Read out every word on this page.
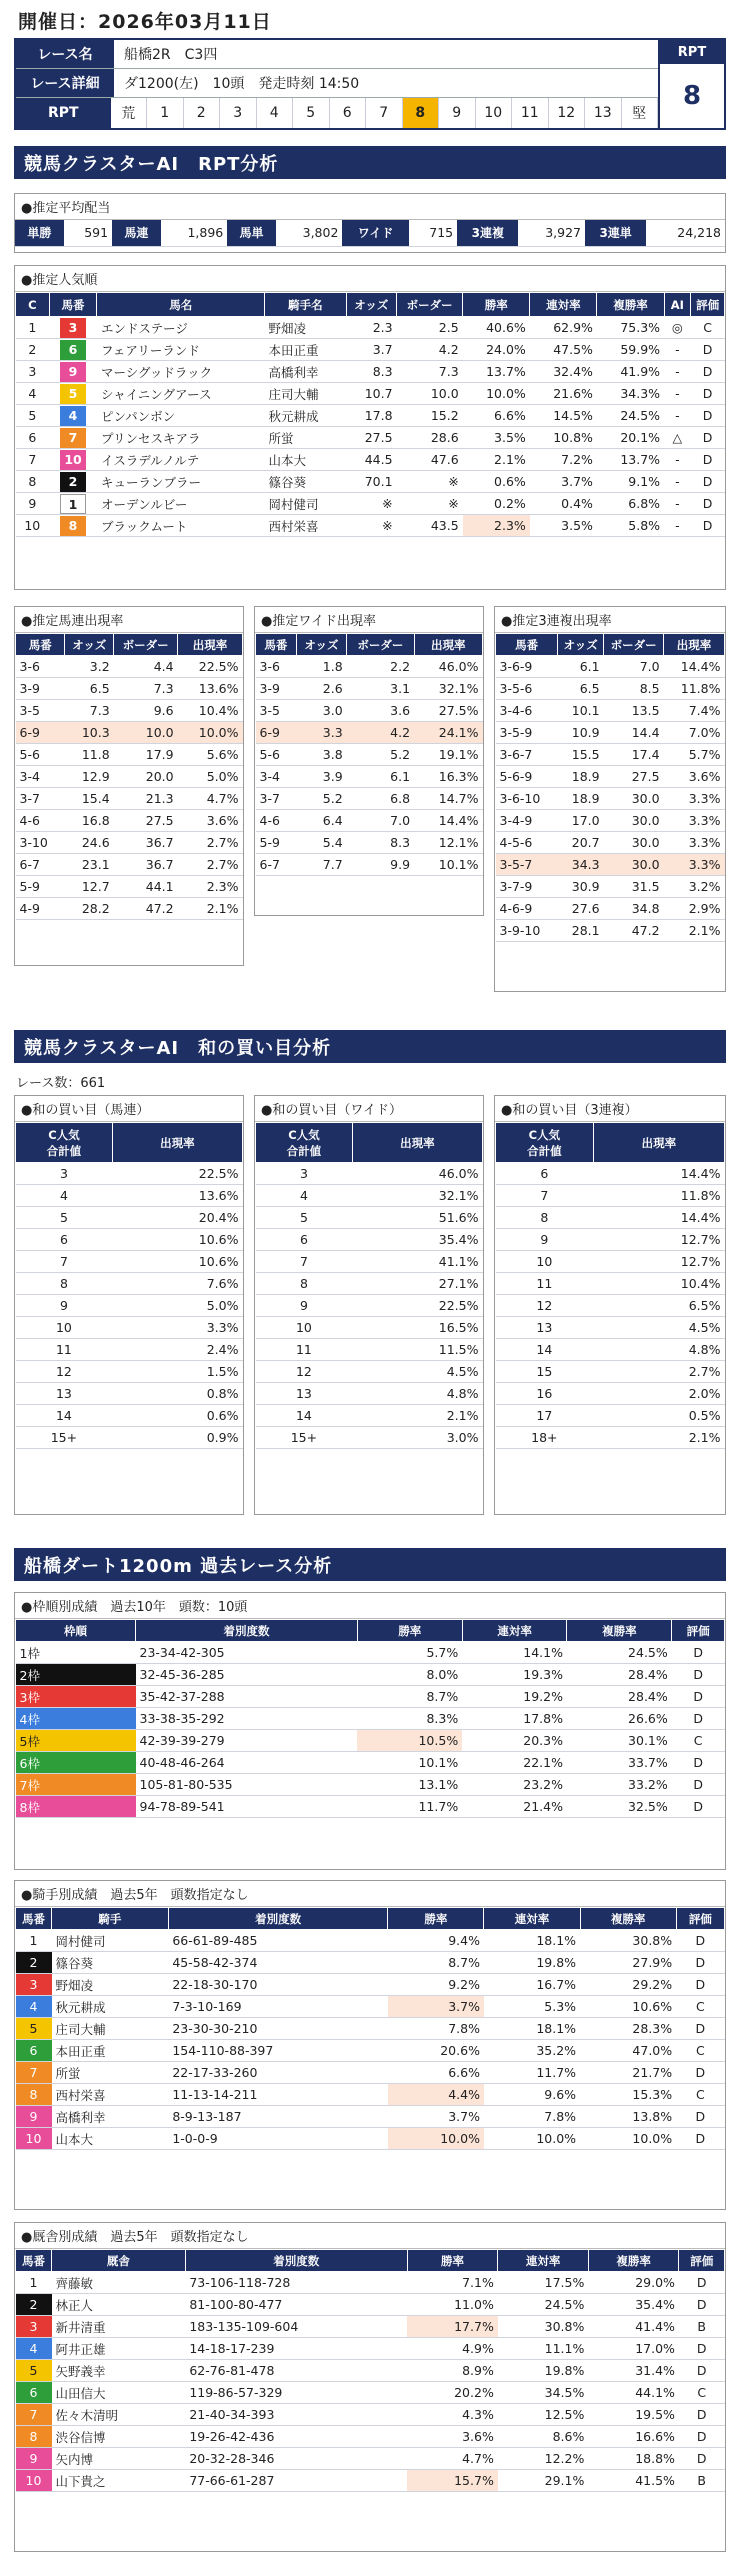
開催日：2026年03月11日
レース名	船橋2R　C3四
レース詳細	ダ1200(左)　10頭　発走時刻 14:50
RPT	荒	1	2	3	4	5	6	7	8	9	10	11	12	13	堅
RPT
8
競馬クラスターAI　RPT分析
●推定平均配当
単勝	591	馬連	1,896	馬単	3,802	ワイド	715	3連複	3,927	3連単	24,218
●推定人気順
C	馬番	馬名	騎手名	オッズ	ボーダー	勝率	連対率	複勝率	AI	評価
1	3	エンドステージ	野畑凌	2.3	2.5	40.6%	62.9%	75.3%	◎	C
2	6	フェアリーランド	本田正重	3.7	4.2	24.0%	47.5%	59.9%	-	D
3	9	マーシグッドラック	高橋利幸	8.3	7.3	13.7%	32.4%	41.9%	-	D
4	5	シャイニングアース	庄司大輔	10.7	10.0	10.0%	21.6%	34.3%	-	D
5	4	ピンパンボン	秋元耕成	17.8	15.2	6.6%	14.5%	24.5%	-	D
6	7	プリンセスキアラ	所蛍	27.5	28.6	3.5%	10.8%	20.1%	△	D
7	10	イスラデルノルテ	山本大	44.5	47.6	2.1%	7.2%	13.7%	-	D
8	2	キューランブラー	篠谷葵	70.1	※	0.6%	3.7%	9.1%	-	D
9	1	オーデンルビー	岡村健司	※	※	0.2%	0.4%	6.8%	-	D
10	8	ブラックムート	西村栄喜	※	43.5	2.3%	3.5%	5.8%	-	D
●推定馬連出現率
馬番	オッズ	ボーダー	出現率
3-6	3.2	4.4	22.5%
3-9	6.5	7.3	13.6%
3-5	7.3	9.6	10.4%
6-9	10.3	10.0	10.0%
5-6	11.8	17.9	5.6%
3-4	12.9	20.0	5.0%
3-7	15.4	21.3	4.7%
4-6	16.8	27.5	3.6%
3-10	24.6	36.7	2.7%
6-7	23.1	36.7	2.7%
5-9	12.7	44.1	2.3%
4-9	28.2	47.2	2.1%
●推定ワイド出現率
馬番	オッズ	ボーダー	出現率
3-6	1.8	2.2	46.0%
3-9	2.6	3.1	32.1%
3-5	3.0	3.6	27.5%
6-9	3.3	4.2	24.1%
5-6	3.8	5.2	19.1%
3-4	3.9	6.1	16.3%
3-7	5.2	6.8	14.7%
4-6	6.4	7.0	14.4%
5-9	5.4	8.3	12.1%
6-7	7.7	9.9	10.1%
●推定3連複出現率
馬番	オッズ	ボーダー	出現率
3-6-9	6.1	7.0	14.4%
3-5-6	6.5	8.5	11.8%
3-4-6	10.1	13.5	7.4%
3-5-9	10.9	14.4	7.0%
3-6-7	15.5	17.4	5.7%
5-6-9	18.9	27.5	3.6%
3-6-10	18.9	30.0	3.3%
3-4-9	17.0	30.0	3.3%
4-5-6	20.7	30.0	3.3%
3-5-7	34.3	30.0	3.3%
3-7-9	30.9	31.5	3.2%
4-6-9	27.6	34.8	2.9%
3-9-10	28.1	47.2	2.1%
競馬クラスターAI　和の買い目分析
レース数：661
●和の買い目（馬連）
C人気
合計値	出現率
3	22.5%
4	13.6%
5	20.4%
6	10.6%
7	10.6%
8	7.6%
9	5.0%
10	3.3%
11	2.4%
12	1.5%
13	0.8%
14	0.6%
15+	0.9%
●和の買い目（ワイド）
C人気
合計値	出現率
3	46.0%
4	32.1%
5	51.6%
6	35.4%
7	41.1%
8	27.1%
9	22.5%
10	16.5%
11	11.5%
12	4.5%
13	4.8%
14	2.1%
15+	3.0%
●和の買い目（3連複）
C人気
合計値	出現率
6	14.4%
7	11.8%
8	14.4%
9	12.7%
10	12.7%
11	10.4%
12	6.5%
13	4.5%
14	4.8%
15	2.7%
16	2.0%
17	0.5%
18+	2.1%
船橋ダート1200m 過去レース分析
●枠順別成績　過去10年　頭数：10頭
枠順	着別度数	勝率	連対率	複勝率	評価
1枠	23-34-42-305	5.7%	14.1%	24.5%	D
2枠	32-45-36-285	8.0%	19.3%	28.4%	D
3枠	35-42-37-288	8.7%	19.2%	28.4%	D
4枠	33-38-35-292	8.3%	17.8%	26.6%	D
5枠	42-39-39-279	10.5%	20.3%	30.1%	C
6枠	40-48-46-264	10.1%	22.1%	33.7%	D
7枠	105-81-80-535	13.1%	23.2%	33.2%	D
8枠	94-78-89-541	11.7%	21.4%	32.5%	D
●騎手別成績　過去5年　頭数指定なし
馬番	騎手	着別度数	勝率	連対率	複勝率	評価
1	岡村健司	66-61-89-485	9.4%	18.1%	30.8%	D
2	篠谷葵	45-58-42-374	8.7%	19.8%	27.9%	D
3	野畑凌	22-18-30-170	9.2%	16.7%	29.2%	D
4	秋元耕成	7-3-10-169	3.7%	5.3%	10.6%	C
5	庄司大輔	23-30-30-210	7.8%	18.1%	28.3%	D
6	本田正重	154-110-88-397	20.6%	35.2%	47.0%	C
7	所蛍	22-17-33-260	6.6%	11.7%	21.7%	D
8	西村栄喜	11-13-14-211	4.4%	9.6%	15.3%	C
9	高橋利幸	8-9-13-187	3.7%	7.8%	13.8%	D
10	山本大	1-0-0-9	10.0%	10.0%	10.0%	D
●厩舎別成績　過去5年　頭数指定なし
馬番	厩舎	着別度数	勝率	連対率	複勝率	評価
1	齊藤敏	73-106-118-728	7.1%	17.5%	29.0%	D
2	林正人	81-100-80-477	11.0%	24.5%	35.4%	D
3	新井清重	183-135-109-604	17.7%	30.8%	41.4%	B
4	阿井正雄	14-18-17-239	4.9%	11.1%	17.0%	D
5	矢野義幸	62-76-81-478	8.9%	19.8%	31.4%	D
6	山田信大	119-86-57-329	20.2%	34.5%	44.1%	C
7	佐々木清明	21-40-34-393	4.3%	12.5%	19.5%	D
8	渋谷信博	19-26-42-436	3.6%	8.6%	16.6%	D
9	矢内博	20-32-28-346	4.7%	12.2%	18.8%	D
10	山下貴之	77-66-61-287	15.7%	29.1%	41.5%	B
